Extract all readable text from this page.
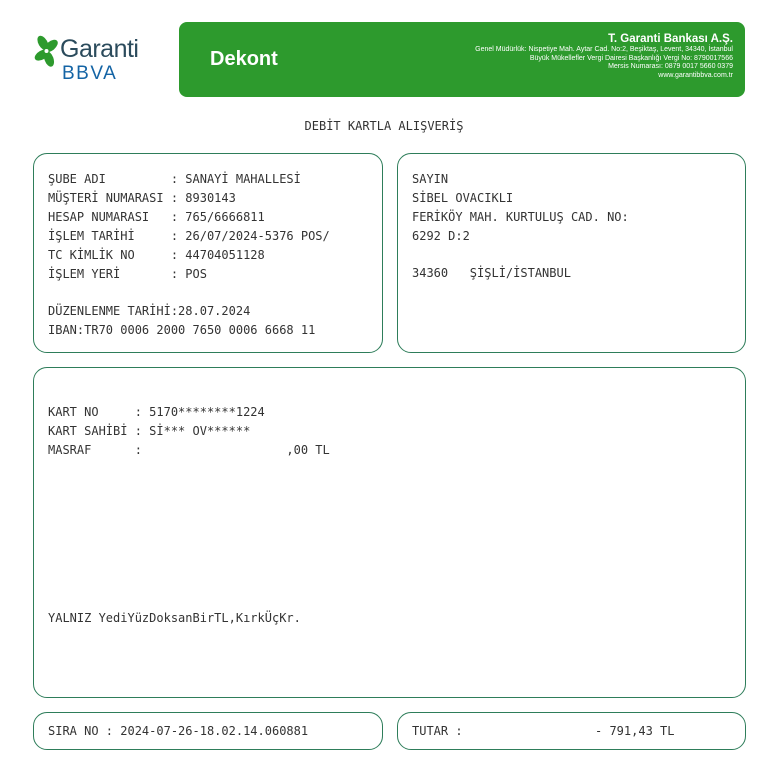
Garanti
BBVA
Dekont
T. Garanti Bankası A.Ş.
Genel Müdürlük: Nispetiye Mah. Aytar Cad. No:2, Beşiktaş, Levent, 34340, İstanbul
Büyük Mükellefler Vergi Dairesi Başkanlığı Vergi No: 8790017566
Mersis Numarası: 0879 0017 5660 0379
www.garantibbva.com.tr
DEBİT KARTLA ALIŞVERİŞ
ŞUBE ADI         : SANAYİ MAHALLESİ
MÜŞTERİ NUMARASI : 8930143
HESAP NUMARASI   : 765/6666811
İŞLEM TARİHİ     : 26/07/2024-5376 POS/
TC KİMLİK NO     : 44704051128
İŞLEM YERİ       : POS
DÜZENLENME TARİHİ:28.07.2024
IBAN:TR70 0006 2000 7650 0006 6668 11
SAYIN
SİBEL OVACIKLI
FERİKÖY MAH. KURTULUŞ CAD. NO:
6292 D:2
34360   ŞİŞLİ/İSTANBUL
KART NO     : 5170********1224
KART SAHİBİ : Sİ*** OV******
MASRAF      :                    ,00 TL
YALNIZ YediYüzDoksanBirTL,KırkÜçKr.
SIRA NO : 2024-07-26-18.02.14.060881	TUTAR :	- 791,43 TL
